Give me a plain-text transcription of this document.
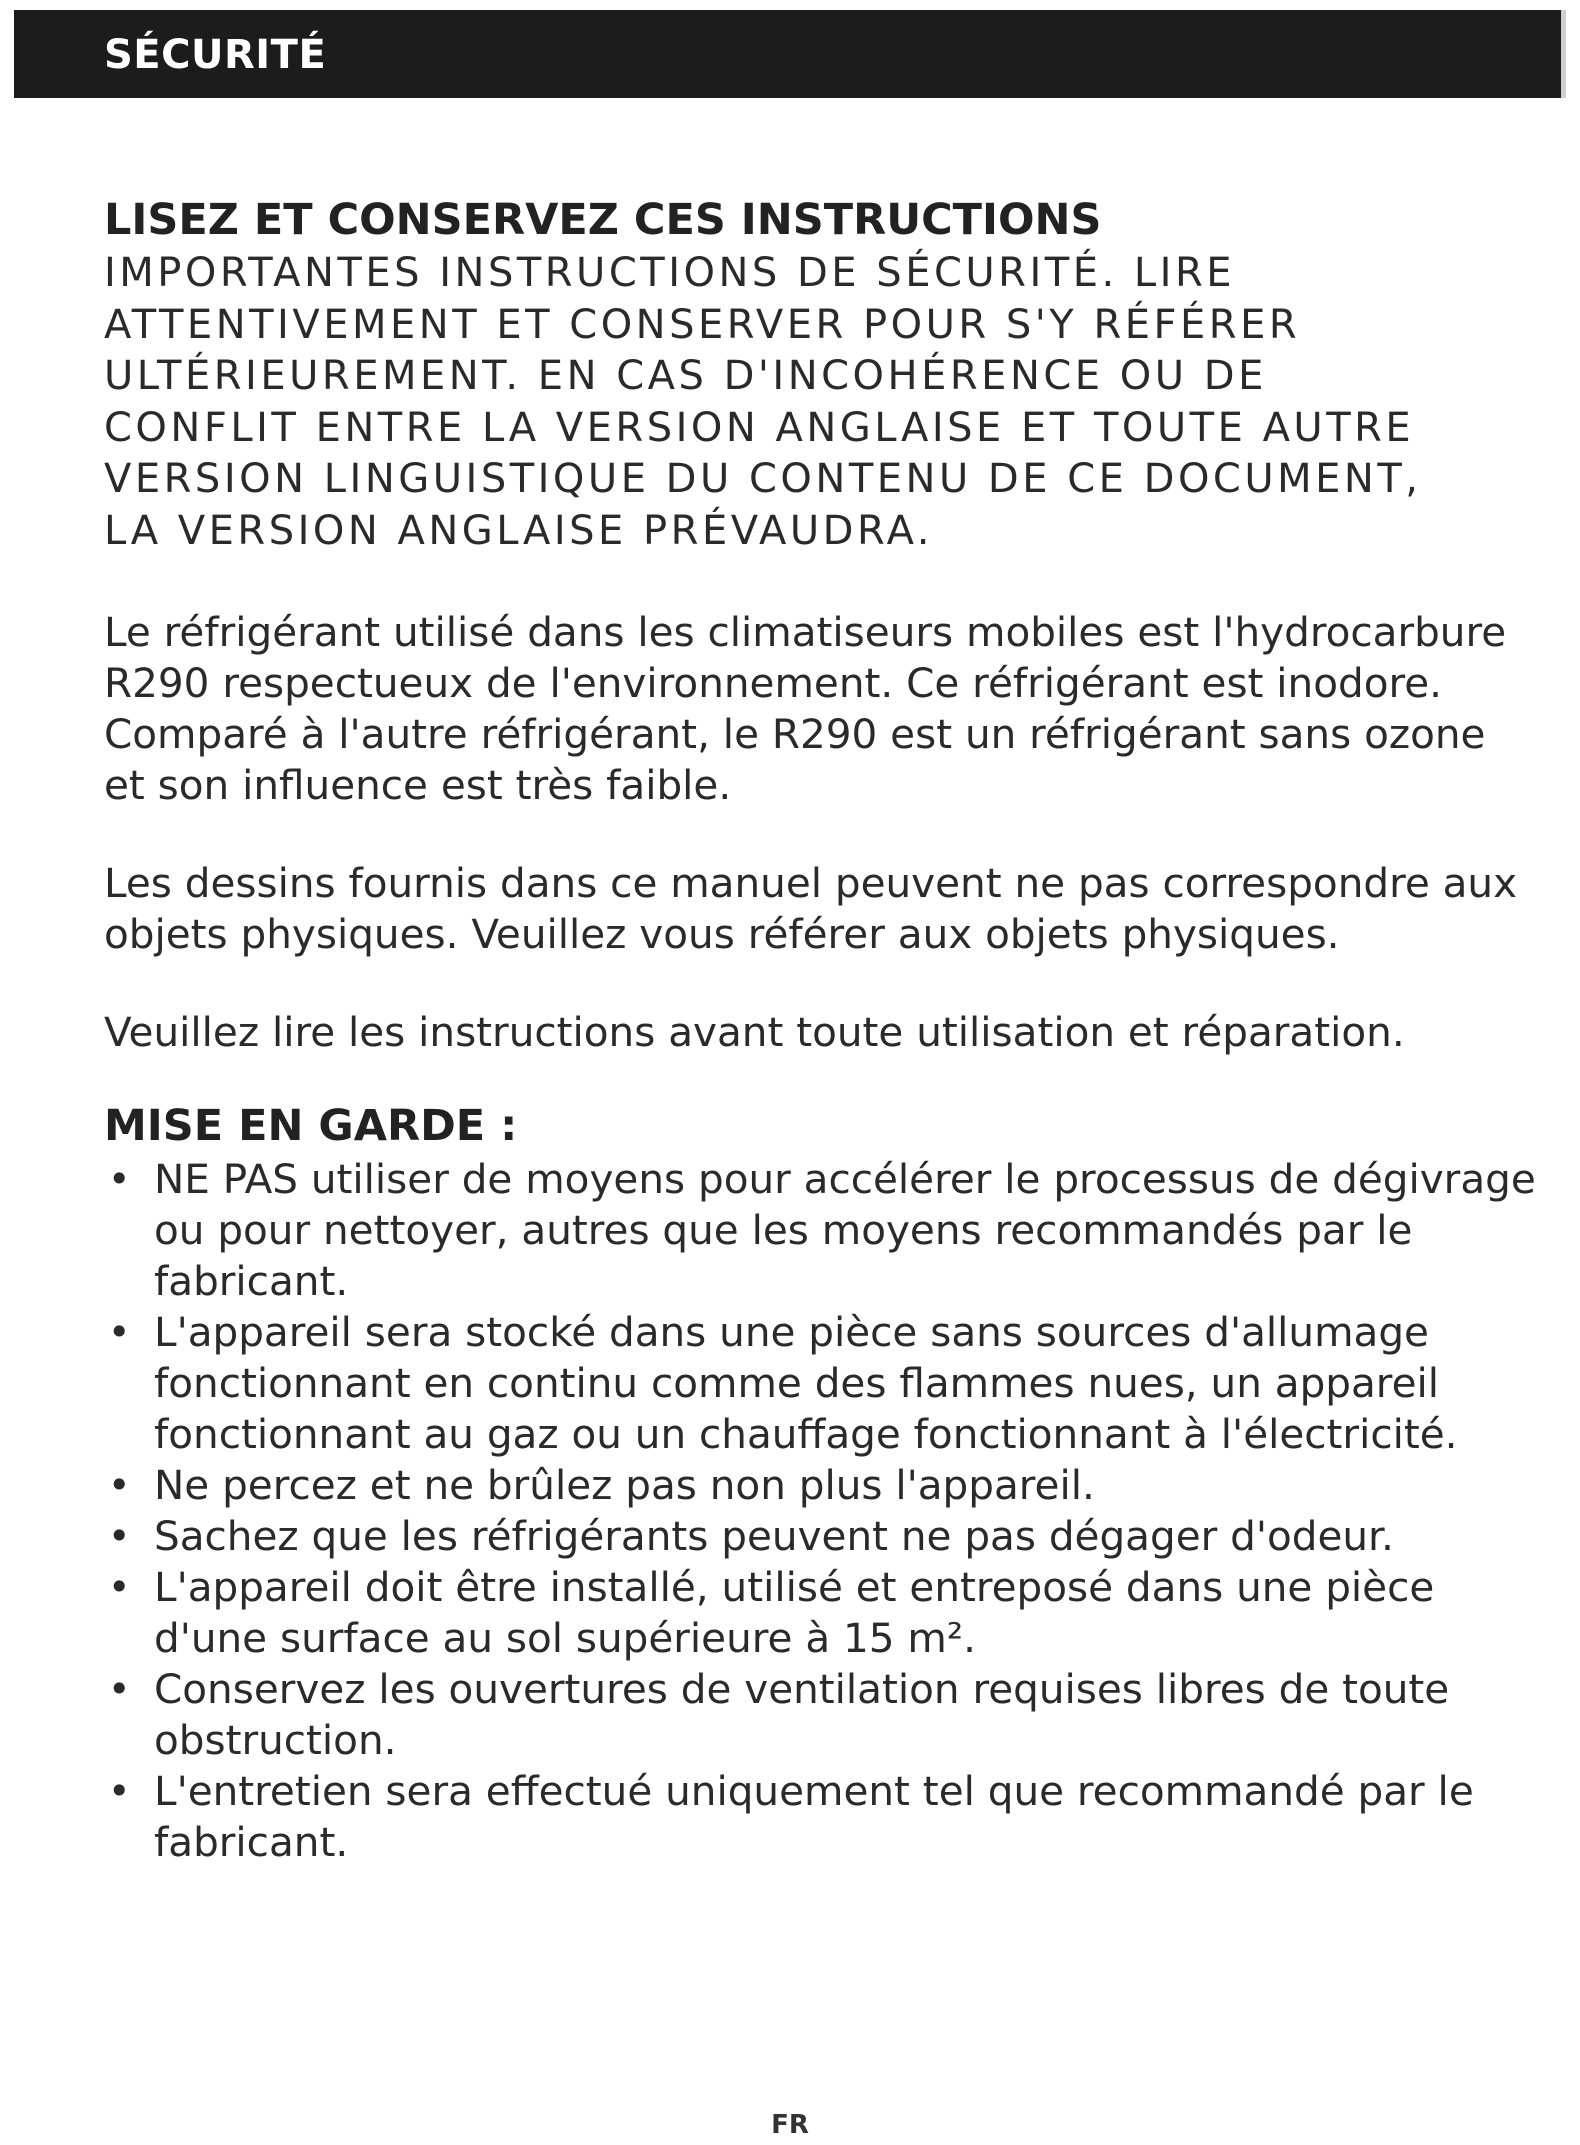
SÉCURITÉ
LISEZ ET CONSERVEZ CES INSTRUCTIONS
IMPORTANTES INSTRUCTIONS DE SÉCURITÉ. LIRE
ATTENTIVEMENT ET CONSERVER POUR S'Y RÉFÉRER
ULTÉRIEUREMENT. EN CAS D'INCOHÉRENCE OU DE
CONFLIT ENTRE LA VERSION ANGLAISE ET TOUTE AUTRE
VERSION LINGUISTIQUE DU CONTENU DE CE DOCUMENT,
LA VERSION ANGLAISE PRÉVAUDRA.

Le réfrigérant utilisé dans les climatiseurs mobiles est l'hydrocarbure R290 respectueux de l'environnement. Ce réfrigérant est inodore. Comparé à l'autre réfrigérant, le R290 est un réfrigérant sans ozone et son influence est très faible.

Les dessins fournis dans ce manuel peuvent ne pas correspondre aux objets physiques. Veuillez vous référer aux objets physiques.

Veuillez lire les instructions avant toute utilisation et réparation.

MISE EN GARDE :
• NE PAS utiliser de moyens pour accélérer le processus de dégivrage ou pour nettoyer, autres que les moyens recommandés par le fabricant.
• L'appareil sera stocké dans une pièce sans sources d'allumage fonctionnant en continu comme des flammes nues, un appareil fonctionnant au gaz ou un chauffage fonctionnant à l'électricité.
• Ne percez et ne brûlez pas non plus l'appareil.
• Sachez que les réfrigérants peuvent ne pas dégager d'odeur.
• L'appareil doit être installé, utilisé et entreposé dans une pièce d'une surface au sol supérieure à 15 m².
• Conservez les ouvertures de ventilation requises libres de toute obstruction.
• L'entretien sera effectué uniquement tel que recommandé par le fabricant.
FR
